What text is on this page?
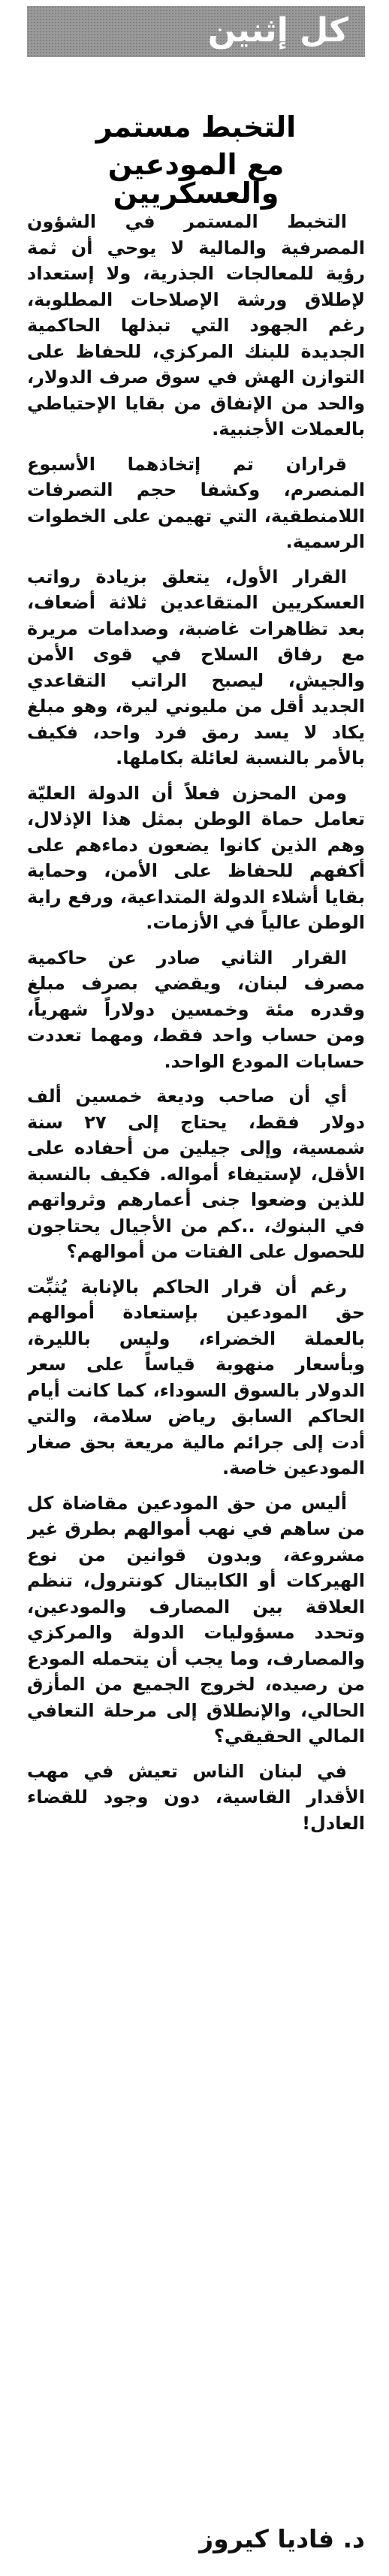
كل إثنين
التخبط مستمر
مع المودعين والعسكريين

التخبط المستمر في الشؤون المصرفية والمالية لا يوحي أن ثمة رؤية للمعالجات الجذرية، ولا إستعداد لإطلاق ورشة الإصلاحات المطلوبة، رغم الجهود التي تبذلها الحاكمية الجديدة للبنك المركزي، للحفاظ على التوازن الهش في سوق صرف الدولار، والحد من الإنفاق من بقايا الإحتياطي بالعملات الأجنبية.

قراران تم إتخاذهما الأسبوع المنصرم، وكشفا حجم التصرفات اللامنطقية، التي تهيمن على الخطوات الرسمية.

القرار الأول، يتعلق بزيادة رواتب العسكريين المتقاعدين ثلاثة أضعاف، بعد تظاهرات غاضبة، وصدامات مريرة مع رفاق السلاح في قوى الأمن والجيش، ليصبح الراتب التقاعدي الجديد أقل من مليوني ليرة، وهو مبلغ يكاد لا يسد رمق فرد واحد، فكيف بالأمر بالنسبة لعائلة بكاملها.

ومن المحزن فعلاً أن الدولة العليّة تعامل حماة الوطن بمثل هذا الإذلال، وهم الذين كانوا يضعون دماءهم على أكفهم للحفاظ على الأمن، وحماية بقايا أشلاء الدولة المتداعية، ورفع راية الوطن عالياً في الأزمات.

القرار الثاني صادر عن حاكمية مصرف لبنان، ويقضي بصرف مبلغ وقدره مئة وخمسين دولاراً شهرياً، ومن حساب واحد فقط، ومهما تعددت حسابات المودع الواحد.

أي أن صاحب وديعة خمسين ألف دولار فقط، يحتاج إلى ٢٧ سنة شمسية، وإلى جيلين من أحفاده على الأقل، لإستيفاء أمواله. فكيف بالنسبة للذين وضعوا جنى أعمارهم وثرواتهم في البنوك، ..كم من الأجيال يحتاجون للحصول على الفتات من أموالهم؟

رغم أن قرار الحاكم بالإنابة يُثبِّت حق المودعين بإستعادة أموالهم بالعملة الخضراء، وليس بالليرة، وبأسعار منهوبة قياساً على سعر الدولار بالسوق السوداء، كما كانت أيام الحاكم السابق رياض سلامة، والتي أدت إلى جرائم مالية مريعة بحق صغار المودعين خاصة.

أليس من حق المودعين مقاضاة كل من ساهم في نهب أموالهم بطرق غير مشروعة، وبدون قوانين من نوع الهيركات أو الكابيتال كونترول، تنظم العلاقة بين المصارف والمودعين، وتحدد مسؤوليات الدولة والمركزي والمصارف، وما يجب أن يتحمله المودع من رصيده، لخروج الجميع من المأزق الحالي، والإنطلاق إلى مرحلة التعافي المالي الحقيقي؟

في لبنان الناس تعيش في مهب الأقدار القاسية، دون وجود للقضاء العادل!

د. فاديا كيروز
